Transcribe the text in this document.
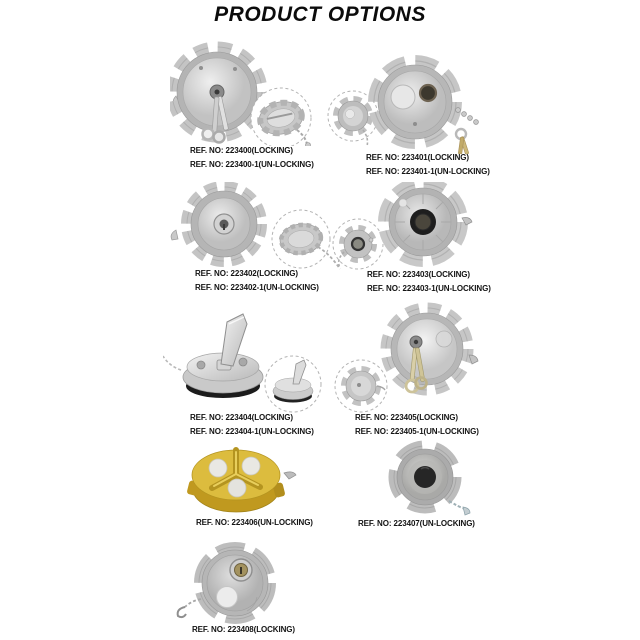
PRODUCT OPTIONS
REF. NO: 223400(LOCKING)
REF. NO: 223400-1(UN-LOCKING)
REF. NO: 223401(LOCKING)
REF. NO: 223401-1(UN-LOCKING)
REF. NO: 223402(LOCKING)
REF. NO: 223402-1(UN-LOCKING)
REF. NO: 223403(LOCKING)
REF. NO: 223403-1(UN-LOCKING)
REF. NO: 223404(LOCKING)
REF. NO: 223404-1(UN-LOCKING)
REF. NO: 223405(LOCKING)
REF. NO: 223405-1(UN-LOCKING)
REF. NO: 223406(UN-LOCKING)	REF. NO: 223407(UN-LOCKING)
REF. NO: 223408(LOCKING)
